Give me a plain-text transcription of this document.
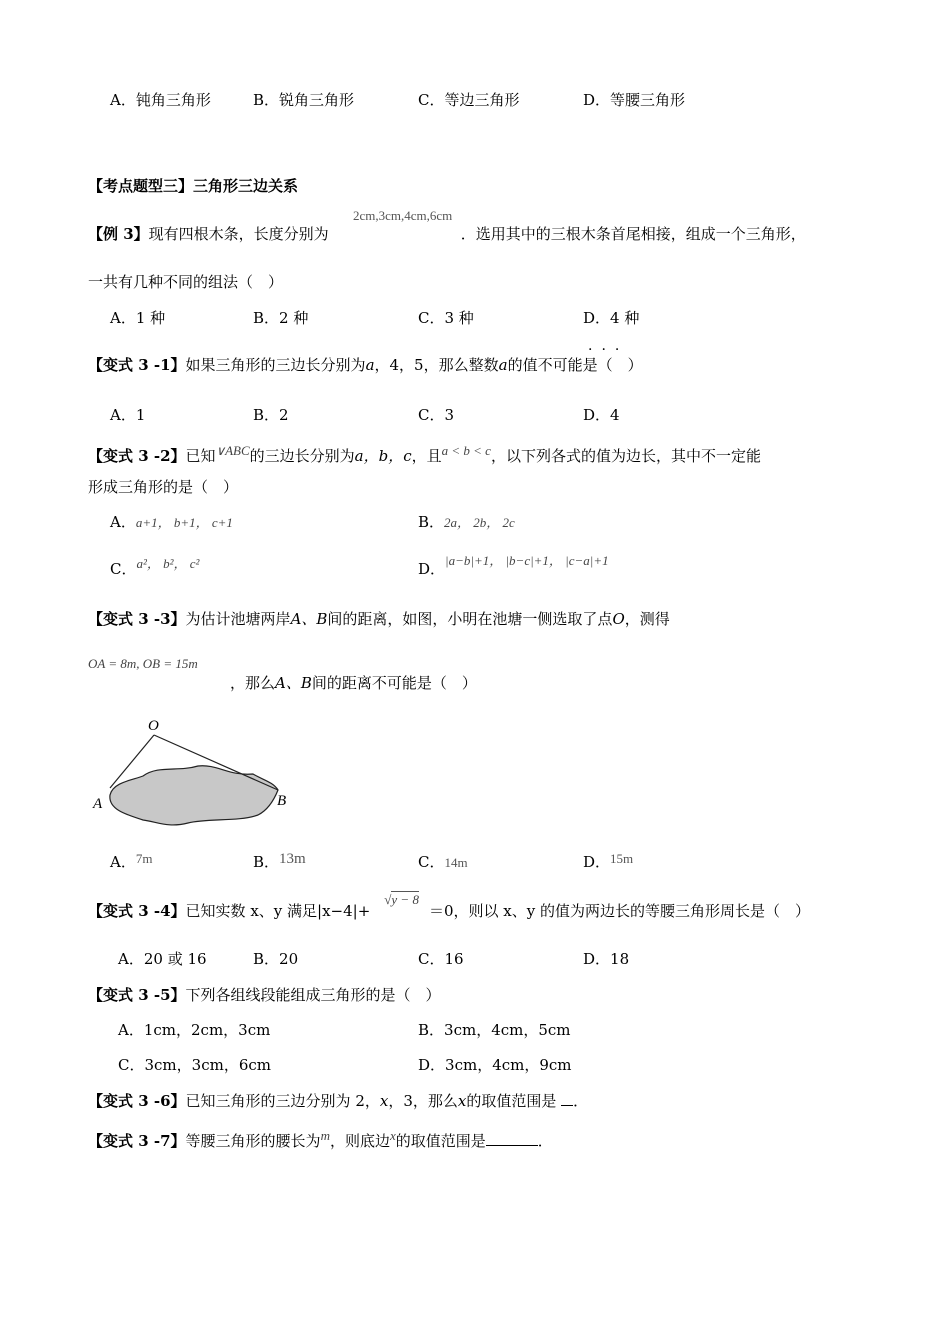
A．钝角三角形	B．锐角三角形	C．等边三角形	D．等腰三角形
【考点题型三】三角形三边关系
2cm,3cm,4cm,6cm
【例 3】现有四根木条，长度分别为	．选用其中的三根木条首尾相接，组成一个三角形，
一共有几种不同的组法（　）
A．1 种	B．2 种	C．3 种	D．4 种
···
【变式 3 -1】如果三角形的三边长分别为a，4，5，那么整数a的值不可能是（　）
A．1	B．2	C．3	D．4
【变式 3 -2】已知$^{\vee ABC}$的三边长分别为a，b，c，且$^{a < b < c}$，以下列各式的值为边长，其中不一定能
形成三角形的是（　）
A．a+1， b+1， c+1	B．2a， 2b， 2c
C．a²， b²， c²	D．|a−b|+1， |b−c|+1， |c−a|+1
【变式 3 -3】为估计池塘两岸A、B间的距离，如图，小明在池塘一侧选取了点O，测得
OA = 8m, OB = 15m
，那么A、B间的距离不可能是（　）
O
A	B
A．7m	B．13m	C．14m	D．15m
【变式 3 -4】已知实数 x、y 满足|x−4|+√y − 8＝0，则以 x、y 的值为两边长的等腰三角形周长是（　）
A．20 或 16	B．20	C．16	D．18
【变式 3 -5】下列各组线段能组成三角形的是（　）
A．1cm，2cm，3cm	B．3cm，4cm，5cm
C．3cm，3cm，6cm	D．3cm，4cm，9cm
【变式 3 -6】已知三角形的三边分别为 2，x，3，那么x的取值范围是 ．
【变式 3 -7】等腰三角形的腰长为$^m$，则底边$^x$的取值范围是	．
